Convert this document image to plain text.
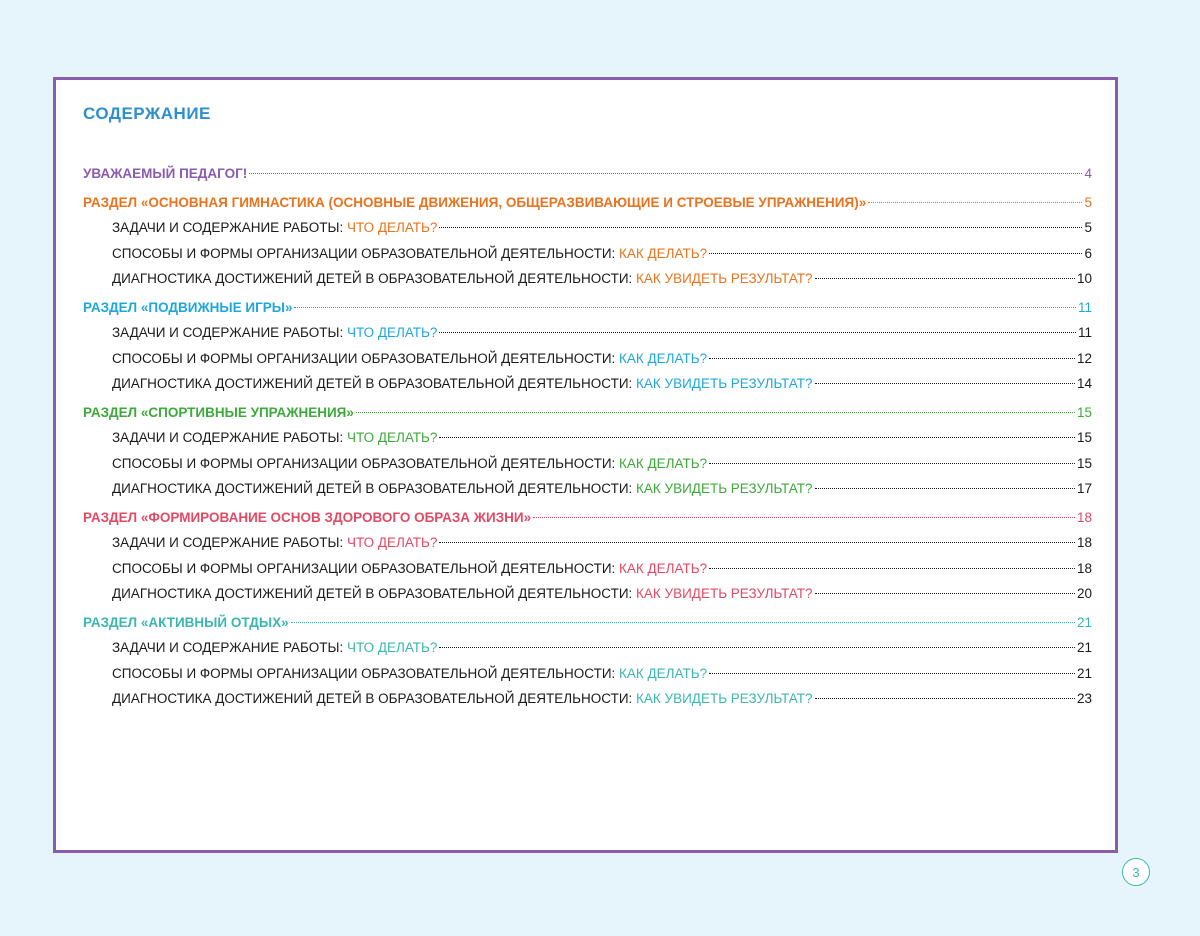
СОДЕРЖАНИЕ
УВАЖАЕМЫЙ ПЕДАГОГ!	4
РАЗДЕЛ «ОСНОВНАЯ ГИМНАСТИКА (ОСНОВНЫЕ ДВИЖЕНИЯ, ОБЩЕРАЗВИВАЮЩИЕ И СТРОЕВЫЕ УПРАЖНЕНИЯ)»	5
ЗАДАЧИ И СОДЕРЖАНИЕ РАБОТЫ: ЧТО ДЕЛАТЬ?	5
СПОСОБЫ И ФОРМЫ ОРГАНИЗАЦИИ ОБРАЗОВАТЕЛЬНОЙ ДЕЯТЕЛЬНОСТИ: КАК ДЕЛАТЬ?	6
ДИАГНОСТИКА ДОСТИЖЕНИЙ ДЕТЕЙ В ОБРАЗОВАТЕЛЬНОЙ ДЕЯТЕЛЬНОСТИ: КАК УВИДЕТЬ РЕЗУЛЬТАТ?	10
РАЗДЕЛ «ПОДВИЖНЫЕ ИГРЫ»	11
ЗАДАЧИ И СОДЕРЖАНИЕ РАБОТЫ: ЧТО ДЕЛАТЬ?	11
СПОСОБЫ И ФОРМЫ ОРГАНИЗАЦИИ ОБРАЗОВАТЕЛЬНОЙ ДЕЯТЕЛЬНОСТИ: КАК ДЕЛАТЬ?	12
ДИАГНОСТИКА ДОСТИЖЕНИЙ ДЕТЕЙ В ОБРАЗОВАТЕЛЬНОЙ ДЕЯТЕЛЬНОСТИ: КАК УВИДЕТЬ РЕЗУЛЬТАТ?	14
РАЗДЕЛ «СПОРТИВНЫЕ УПРАЖНЕНИЯ»	15
ЗАДАЧИ И СОДЕРЖАНИЕ РАБОТЫ: ЧТО ДЕЛАТЬ?	15
СПОСОБЫ И ФОРМЫ ОРГАНИЗАЦИИ ОБРАЗОВАТЕЛЬНОЙ ДЕЯТЕЛЬНОСТИ: КАК ДЕЛАТЬ?	15
ДИАГНОСТИКА ДОСТИЖЕНИЙ ДЕТЕЙ В ОБРАЗОВАТЕЛЬНОЙ ДЕЯТЕЛЬНОСТИ: КАК УВИДЕТЬ РЕЗУЛЬТАТ?	17
РАЗДЕЛ «ФОРМИРОВАНИЕ ОСНОВ ЗДОРОВОГО ОБРАЗА ЖИЗНИ»	18
ЗАДАЧИ И СОДЕРЖАНИЕ РАБОТЫ: ЧТО ДЕЛАТЬ?	18
СПОСОБЫ И ФОРМЫ ОРГАНИЗАЦИИ ОБРАЗОВАТЕЛЬНОЙ ДЕЯТЕЛЬНОСТИ: КАК ДЕЛАТЬ?	18
ДИАГНОСТИКА ДОСТИЖЕНИЙ ДЕТЕЙ В ОБРАЗОВАТЕЛЬНОЙ ДЕЯТЕЛЬНОСТИ: КАК УВИДЕТЬ РЕЗУЛЬТАТ?	20
РАЗДЕЛ «АКТИВНЫЙ ОТДЫХ»	21
ЗАДАЧИ И СОДЕРЖАНИЕ РАБОТЫ: ЧТО ДЕЛАТЬ?	21
СПОСОБЫ И ФОРМЫ ОРГАНИЗАЦИИ ОБРАЗОВАТЕЛЬНОЙ ДЕЯТЕЛЬНОСТИ: КАК ДЕЛАТЬ?	21
ДИАГНОСТИКА ДОСТИЖЕНИЙ ДЕТЕЙ В ОБРАЗОВАТЕЛЬНОЙ ДЕЯТЕЛЬНОСТИ: КАК УВИДЕТЬ РЕЗУЛЬТАТ?	23
3
